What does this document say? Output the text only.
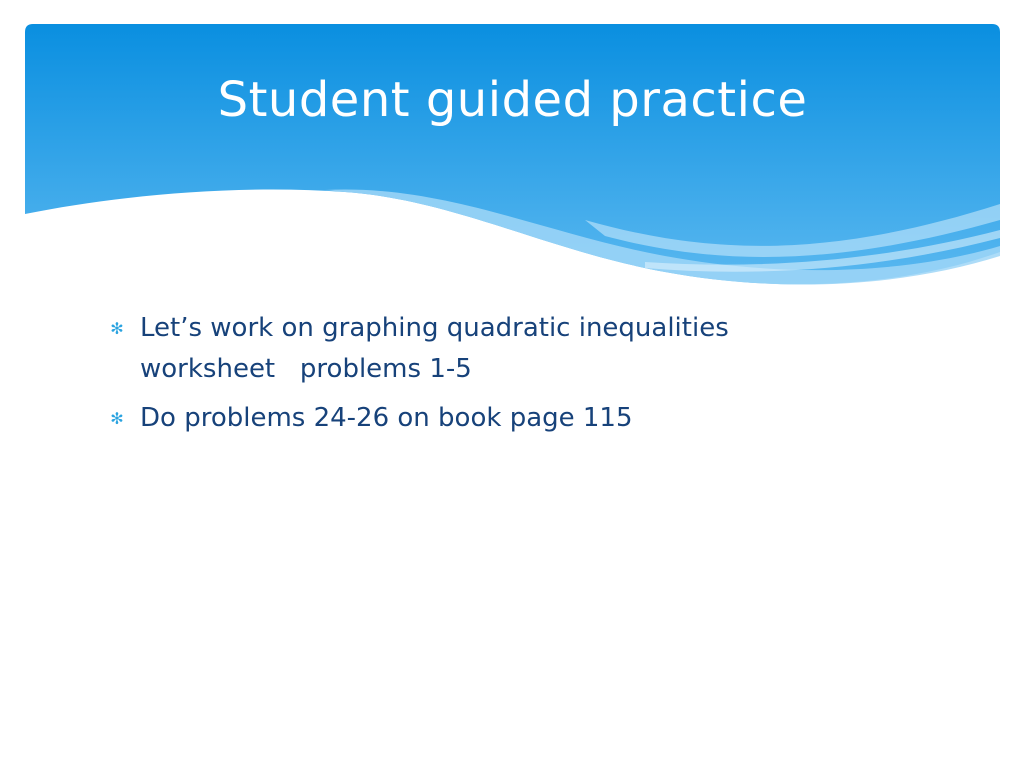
Student guided practice
✻ Let’s work on graphing quadratic inequalities
worksheet   problems 1-5
✻ Do problems 24-26 on book page 115
